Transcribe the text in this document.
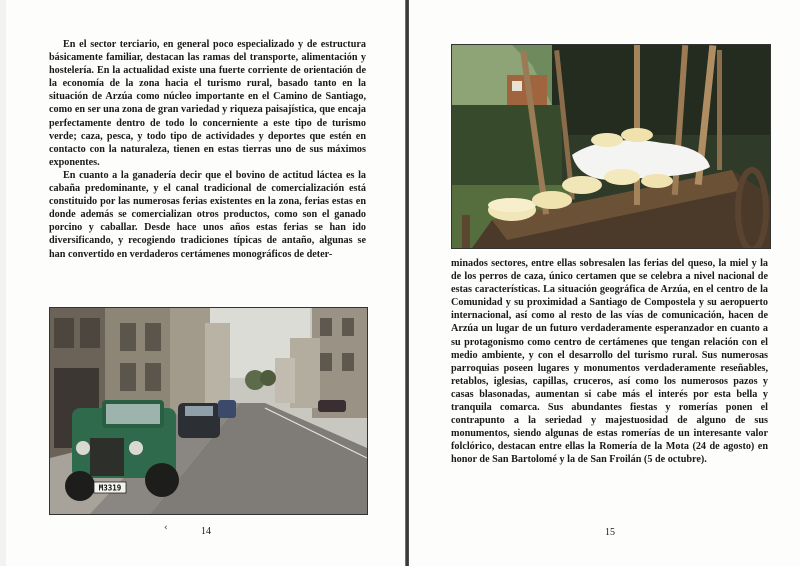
En el sector terciario, en general poco especializado y de estructura básicamente familiar, destacan las ramas del transporte, alimentación y hostelería. En la actualidad existe una fuerte corriente de orientación de la economía de la zona hacia el turismo rural, basado tanto en la situación de Arzúa como núcleo importante en el Camino de Santiago, como en ser una zona de gran variedad y riqueza paisajística, que encaja perfectamente dentro de todo lo concerniente a este tipo de turismo verde; caza, pesca, y todo tipo de actividades y deportes que estén en contacto con la naturaleza, tienen en estas tierras uno de sus máximos exponentes.

En cuanto a la ganadería decir que el bovino de actitud láctea es la cabaña predominante, y el canal tradicional de comercialización está constituido por las numerosas ferias existentes en la zona, ferias estas en donde además se comercializan otros productos, como son el ganado porcino y caballar. Desde hace unos años estas ferias se han ido diversificando, y recogiendo tradiciones típicas de antaño, algunas se han convertido en verdaderos certámenes monográficos de deter-

M3319
‹	14

minados sectores, entre ellas sobresalen las ferias del queso, la miel y la de los perros de caza, único certamen que se celebra a nivel nacional de estas características. La situación geográfica de Arzúa, en el centro de la Comunidad y su proximidad a Santiago de Compostela y su aeropuerto internacional, así como al resto de las vías de comunicación, hacen de Arzúa un lugar de un futuro verdaderamente esperanzador en cuanto a su protagonismo como centro de certámenes que tengan relación con el medio ambiente, y con el desarrollo del turismo rural. Sus numerosas parroquias poseen lugares y monumentos verdaderamente reseñables, retablos, iglesias, capillas, cruceros, así como los numerosos pazos y casas blasonadas, aumentan si cabe más el interés por esta bella y tranquila comarca. Sus abundantes fiestas y romerías ponen el contrapunto a la seriedad y majestuosidad de alguno de sus monumentos, siendo algunas de estas romerías de un interesante valor folclórico, destacan entre ellas la Romería de la Mota (24 de agosto) en honor de San Bartolomé y la de San Froilán (5 de octubre).

15
